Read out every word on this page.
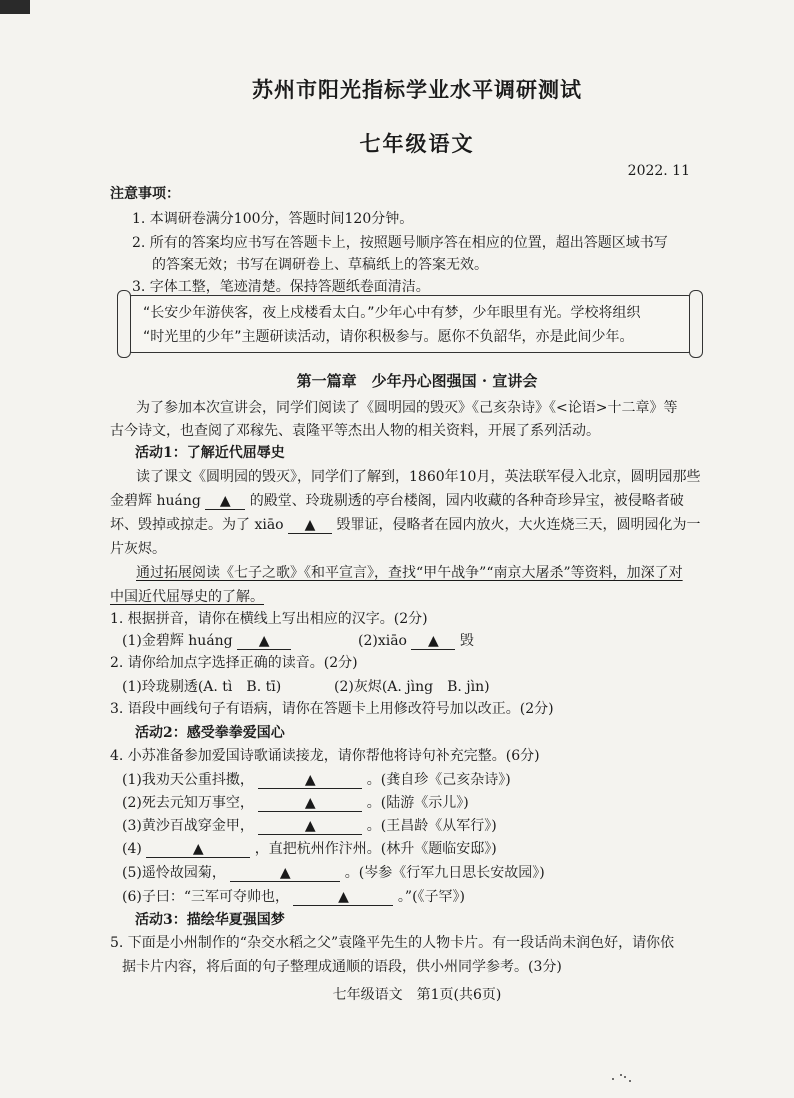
苏州市阳光指标学业水平调研测试
七年级语文
2022. 11
注意事项：
1. 本调研卷满分100分，答题时间120分钟。
2. 所有的答案均应书写在答题卡上，按照题号顺序答在相应的位置，超出答题区域书写
的答案无效；书写在调研卷上、草稿纸上的答案无效。
3. 字体工整，笔迹清楚。保持答题纸卷面清洁。
“长安少年游侠客，夜上戍楼看太白。”少年心中有梦，少年眼里有光。学校将组织
“时光里的少年”主题研读活动，请你积极参与。愿你不负韶华，亦是此间少年。
第一篇章　少年丹心图强国 · 宣讲会
为了参加本次宣讲会，同学们阅读了《圆明园的毁灭》《己亥杂诗》《<论语>十二章》等
古今诗文，也查阅了邓稼先、袁隆平等杰出人物的相关资料，开展了系列活动。
活动1：了解近代屈辱史
读了课文《圆明园的毁灭》，同学们了解到，1860年10月，英法联军侵入北京，圆明园那些
金碧辉 huáng ▲ 的殿堂、玲珑剔透的亭台楼阁，园内收藏的各种奇珍异宝，被侵略者破
坏、毁掉或掠走。为了 xiāo ▲ 毁罪证，侵略者在园内放火，大火连烧三天，圆明园化为一
片灰烬。
通过拓展阅读《七子之歌》《和平宣言》，查找“甲午战争”“南京大屠杀”等资料，加深了对
中国近代屈辱史的了解。
1. 根据拼音，请你在横线上写出相应的汉字。(2分)
(1)金碧辉 huáng ▲	(2)xiāo ▲ 毁
2. 请你给加点字选择正确的读音。(2分)
(1)玲珑剔透(A. tì　B. tī)	(2)灰烬(A. jìng　B. jìn)
3. 语段中画线句子有语病，请你在答题卡上用修改符号加以改正。(2分)
活动2：感受拳拳爱国心
4. 小苏准备参加爱国诗歌诵读接龙，请你帮他将诗句补充完整。(6分)
(1)我劝天公重抖擞，	▲	。(龚自珍《己亥杂诗》)
(2)死去元知万事空，	▲	。(陆游《示儿》)
(3)黄沙百战穿金甲，	▲	。(王昌龄《从军行》)
(4)	▲	，直把杭州作汴州。(林升《题临安邸》)
(5)遥怜故园菊，	▲	。(岑参《行军九日思长安故园》)
(6)子曰：“三军可夺帅也，	▲	。”(《子罕》)
活动3：描绘华夏强国梦
5. 下面是小州制作的“杂交水稻之父”袁隆平先生的人物卡片。有一段话尚未润色好，请你依
据卡片内容，将后面的句子整理成通顺的语段，供小州同学参考。(3分)
七年级语文　第1页(共6页)
